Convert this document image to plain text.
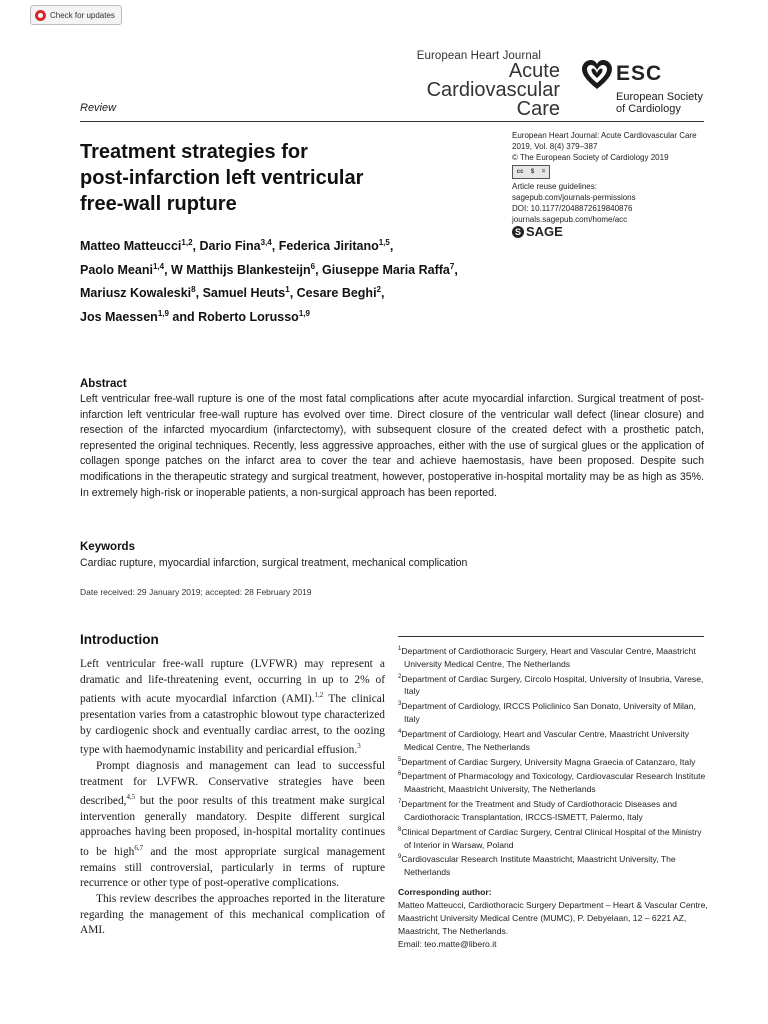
Check for updates
European Heart Journal
Acute
Cardiovascular
Care
ESC
European Society
of Cardiology
Review
Treatment strategies for
post-infarction left ventricular
free-wall rupture
European Heart Journal: Acute Cardiovascular Care
2019, Vol. 8(4) 379–387
© The European Society of Cardiology 2019
cc $ =
Article reuse guidelines:
sagepub.com/journals-permissions
DOI: 10.1177/2048872619840876
journals.sagepub.com/home/acc
S SAGE
Matteo Matteucci$^{1,2}$, Dario Fina$^{3,4}$, Federica Jiritano$^{1,5}$,
Paolo Meani$^{1,4}$, W Matthijs Blankesteijn$^6$, Giuseppe Maria Raffa$^7$,
Mariusz Kowaleski$^8$, Samuel Heuts$^1$, Cesare Beghi$^2$,
Jos Maessen$^{1,9}$ and Roberto Lorusso$^{1,9}$
Abstract
Left ventricular free-wall rupture is one of the most fatal complications after acute myocardial infarction. Surgical treatment of post-infarction left ventricular free-wall rupture has evolved over time. Direct closure of the ventricular wall defect (linear closure) and resection of the infarcted myocardium (infarctectomy), with subsequent closure of the created defect with a prosthetic patch, represented the original techniques. Recently, less aggressive approaches, either with the use of surgical glues or the application of collagen sponge patches on the infarct area to cover the tear and achieve haemostasis, have been proposed. Despite such modifications in the therapeutic strategy and surgical treatment, however, postoperative in-hospital mortality may be as high as 35%. In extremely high-risk or inoperable patients, a non-surgical approach has been reported.
Keywords
Cardiac rupture, myocardial infarction, surgical treatment, mechanical complication
Date received: 29 January 2019; accepted: 28 February 2019
Introduction

Left ventricular free-wall rupture (LVFWR) may represent a dramatic and life-threatening event, occurring in up to 2% of patients with acute myocardial infarction (AMI).$^{1,2}$ The clinical presentation varies from a catastrophic blowout type characterized by cardiogenic shock and eventually cardiac arrest, to the oozing type with haemodynamic instability and pericardial effusion.$^3$

Prompt diagnosis and management can lead to successful treatment for LVFWR. Conservative strategies have been described,$^{4,5}$ but the poor results of this treatment make surgical intervention generally mandatory. Despite different surgical approaches having been proposed, in-hospital mortality continues to be high$^{6,7}$ and the most appropriate surgical management remains still controversial, particularly in terms of rupture recurrence or other type of post-operative complications.

This review describes the approaches reported in the literature regarding the management of this mechanical complication of AMI.

$^1$Department of Cardiothoracic Surgery, Heart and Vascular Centre, Maastricht University Medical Centre, The Netherlands
$^2$Department of Cardiac Surgery, Circolo Hospital, University of Insubria, Varese, Italy
$^3$Department of Cardiology, IRCCS Policlinico San Donato, University of Milan, Italy
$^4$Department of Cardiology, Heart and Vascular Centre, Maastricht University Medical Centre, The Netherlands
$^5$Department of Cardiac Surgery, University Magna Graecia of Catanzaro, Italy
$^6$Department of Pharmacology and Toxicology, Cardiovascular Research Institute Maastricht, Maastricht University, The Netherlands
$^7$Department for the Treatment and Study of Cardiothoracic Diseases and Cardiothoracic Transplantation, IRCCS-ISMETT, Palermo, Italy
$^8$Clinical Department of Cardiac Surgery, Central Clinical Hospital of the Ministry of Interior in Warsaw, Poland
$^9$Cardiovascular Research Institute Maastricht, Maastricht University, The Netherlands
Corresponding author:
Matteo Matteucci, Cardiothoracic Surgery Department – Heart & Vascular Centre, Maastricht University Medical Centre (MUMC), P. Debyelaan, 12 – 6221 AZ, Maastricht, The Netherlands.
Email: teo.matte@libero.it
